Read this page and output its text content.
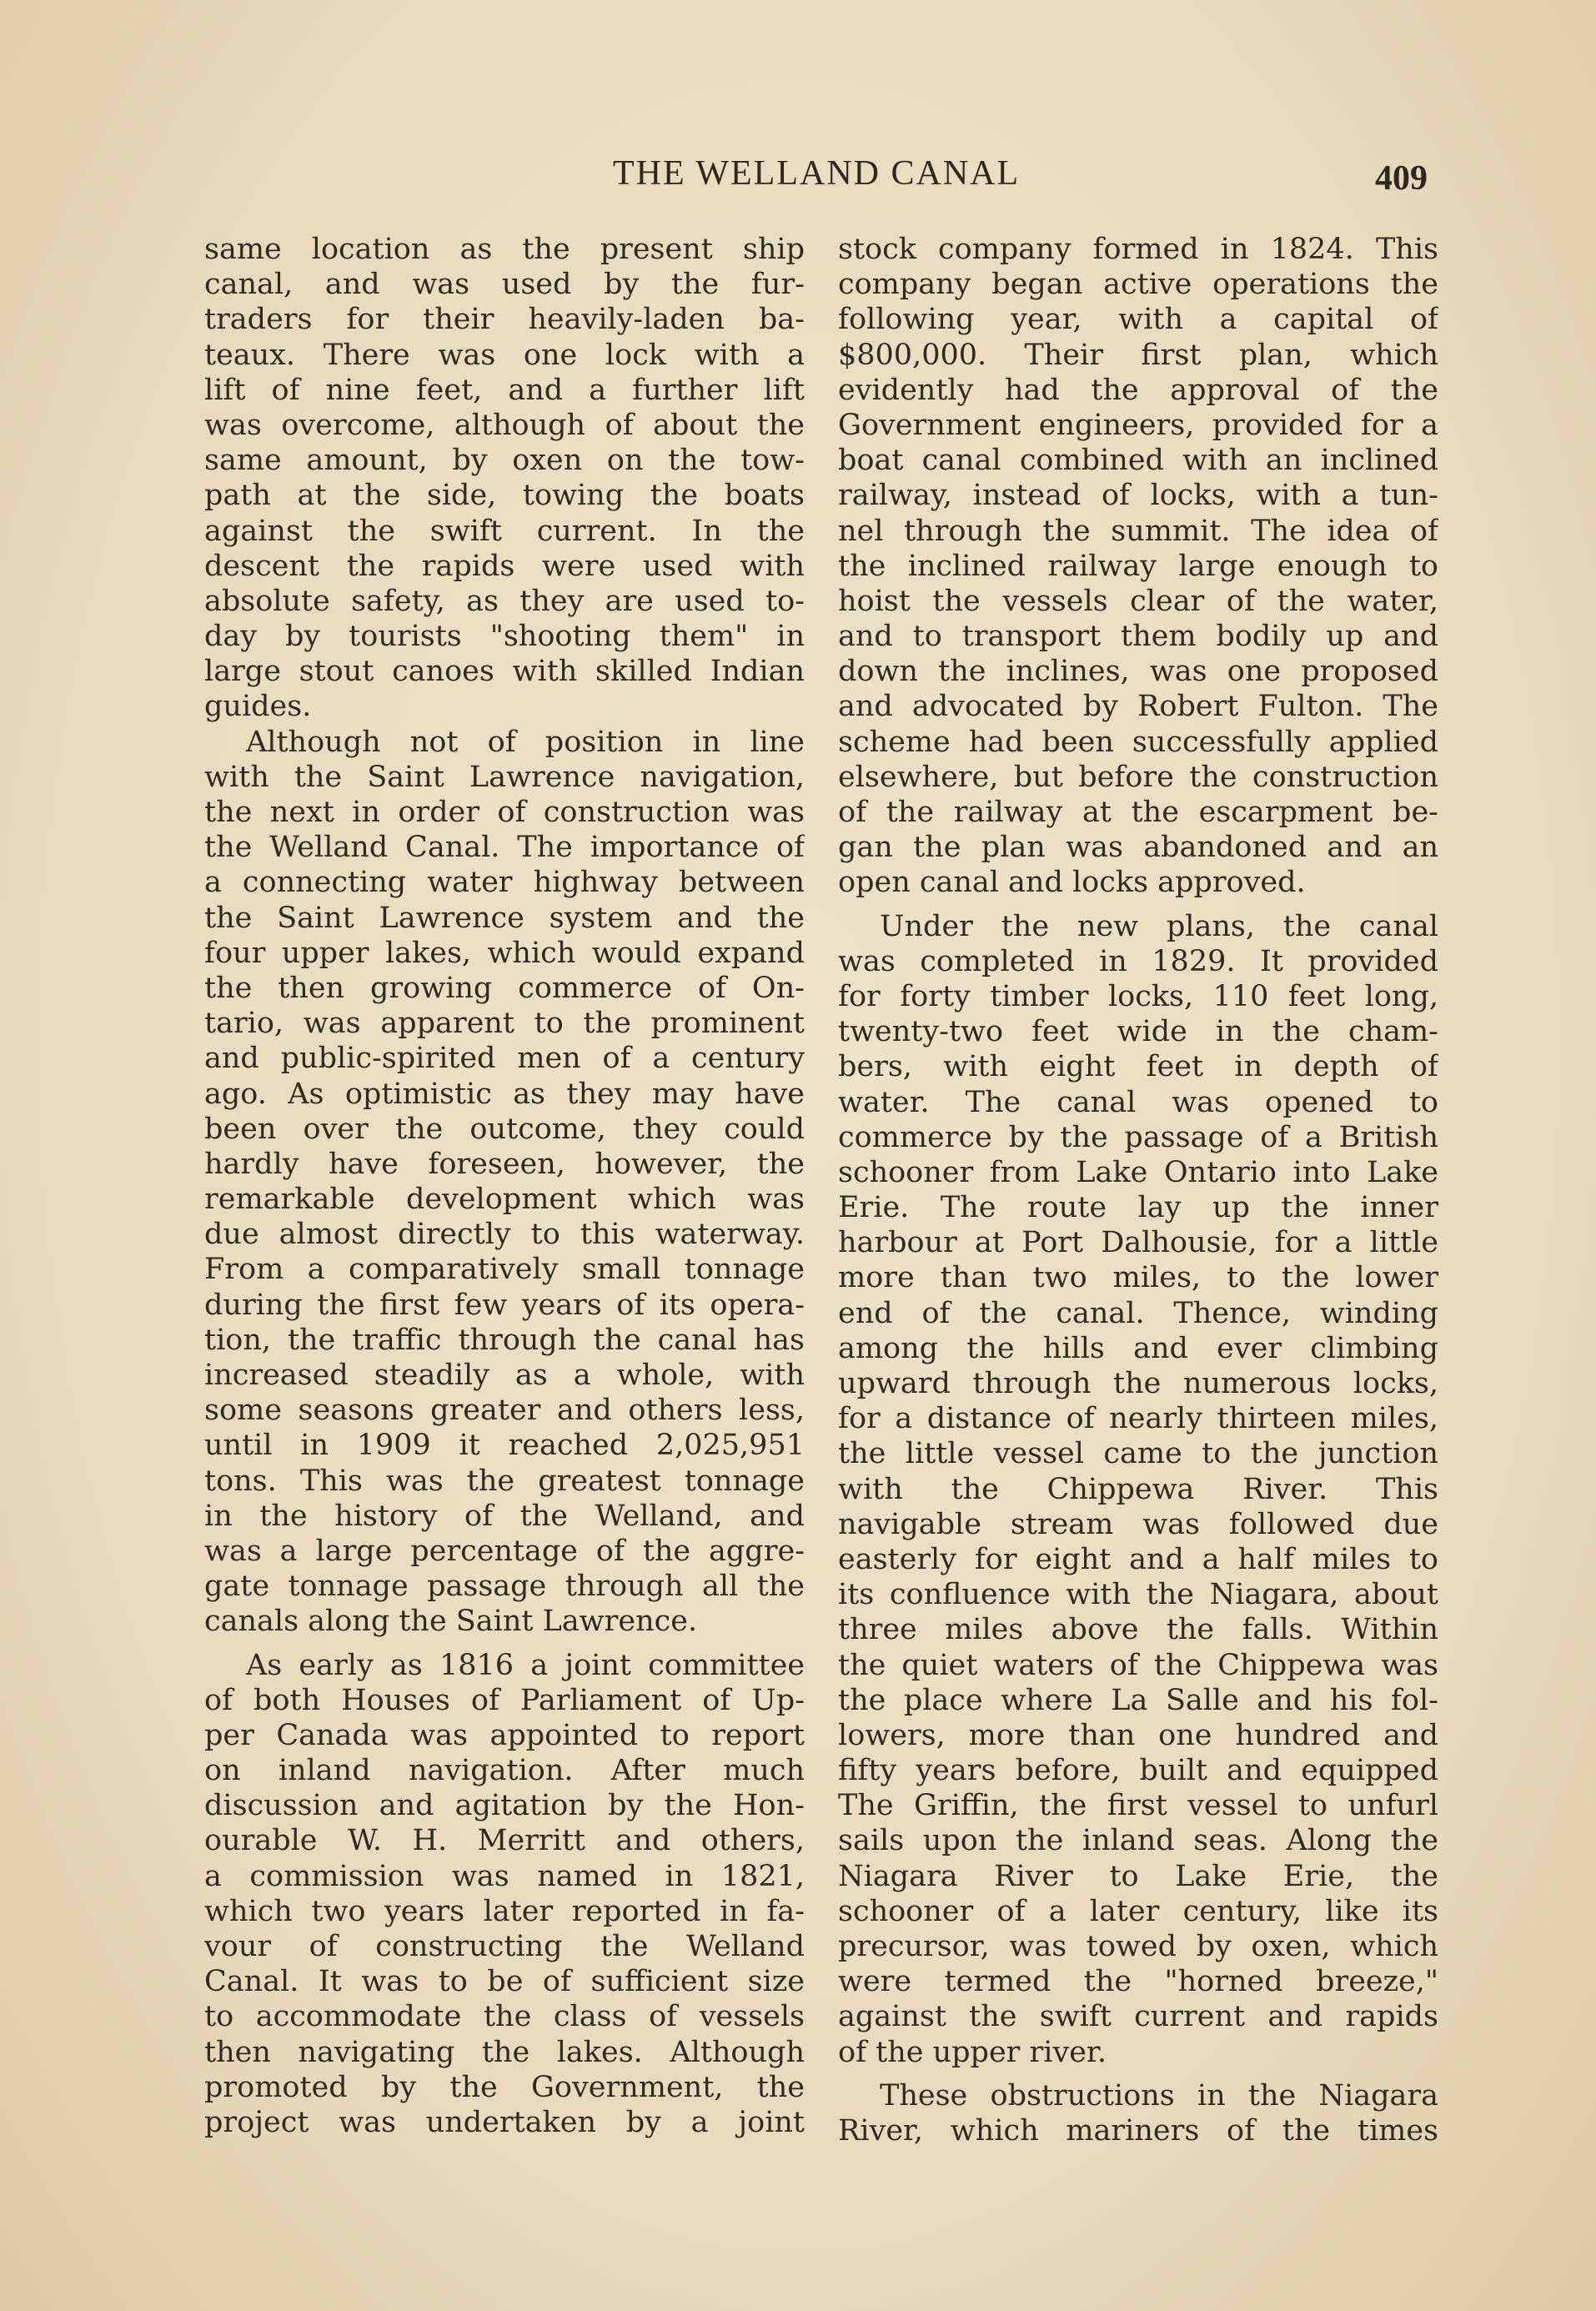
THE WELLAND CANAL	409
same location as the present ship
canal, and was used by the fur-
traders for their heavily-laden ba-
teaux. There was one lock with a
lift of nine feet, and a further lift
was overcome, although of about the
same amount, by oxen on the tow-
path at the side, towing the boats
against the swift current. In the
descent the rapids were used with
absolute safety, as they are used to-
day by tourists "shooting them" in
large stout canoes with skilled Indian
guides.
Although not of position in line
with the Saint Lawrence navigation,
the next in order of construction was
the Welland Canal. The importance of
a connecting water highway between
the Saint Lawrence system and the
four upper lakes, which would expand
the then growing commerce of On-
tario, was apparent to the prominent
and public-spirited men of a century
ago. As optimistic as they may have
been over the outcome, they could
hardly have foreseen, however, the
remarkable development which was
due almost directly to this waterway.
From a comparatively small tonnage
during the first few years of its opera-
tion, the traffic through the canal has
increased steadily as a whole, with
some seasons greater and others less,
until in 1909 it reached 2,025,951
tons. This was the greatest tonnage
in the history of the Welland, and
was a large percentage of the aggre-
gate tonnage passage through all the
canals along the Saint Lawrence.
As early as 1816 a joint committee
of both Houses of Parliament of Up-
per Canada was appointed to report
on inland navigation. After much
discussion and agitation by the Hon-
ourable W. H. Merritt and others,
a commission was named in 1821,
which two years later reported in fa-
vour of constructing the Welland
Canal. It was to be of sufficient size
to accommodate the class of vessels
then navigating the lakes. Although
promoted by the Government, the
project was undertaken by a joint
stock company formed in 1824. This
company began active operations the
following year, with a capital of
$800,000. Their first plan, which
evidently had the approval of the
Government engineers, provided for a
boat canal combined with an inclined
railway, instead of locks, with a tun-
nel through the summit. The idea of
the inclined railway large enough to
hoist the vessels clear of the water,
and to transport them bodily up and
down the inclines, was one proposed
and advocated by Robert Fulton. The
scheme had been successfully applied
elsewhere, but before the construction
of the railway at the escarpment be-
gan the plan was abandoned and an
open canal and locks approved.
Under the new plans, the canal
was completed in 1829. It provided
for forty timber locks, 110 feet long,
twenty-two feet wide in the cham-
bers, with eight feet in depth of
water. The canal was opened to
commerce by the passage of a British
schooner from Lake Ontario into Lake
Erie. The route lay up the inner
harbour at Port Dalhousie, for a little
more than two miles, to the lower
end of the canal. Thence, winding
among the hills and ever climbing
upward through the numerous locks,
for a distance of nearly thirteen miles,
the little vessel came to the junction
with the Chippewa River. This
navigable stream was followed due
easterly for eight and a half miles to
its confluence with the Niagara, about
three miles above the falls. Within
the quiet waters of the Chippewa was
the place where La Salle and his fol-
lowers, more than one hundred and
fifty years before, built and equipped
The Griffin, the first vessel to unfurl
sails upon the inland seas. Along the
Niagara River to Lake Erie, the
schooner of a later century, like its
precursor, was towed by oxen, which
were termed the "horned breeze,"
against the swift current and rapids
of the upper river.
These obstructions in the Niagara
River, which mariners of the times
